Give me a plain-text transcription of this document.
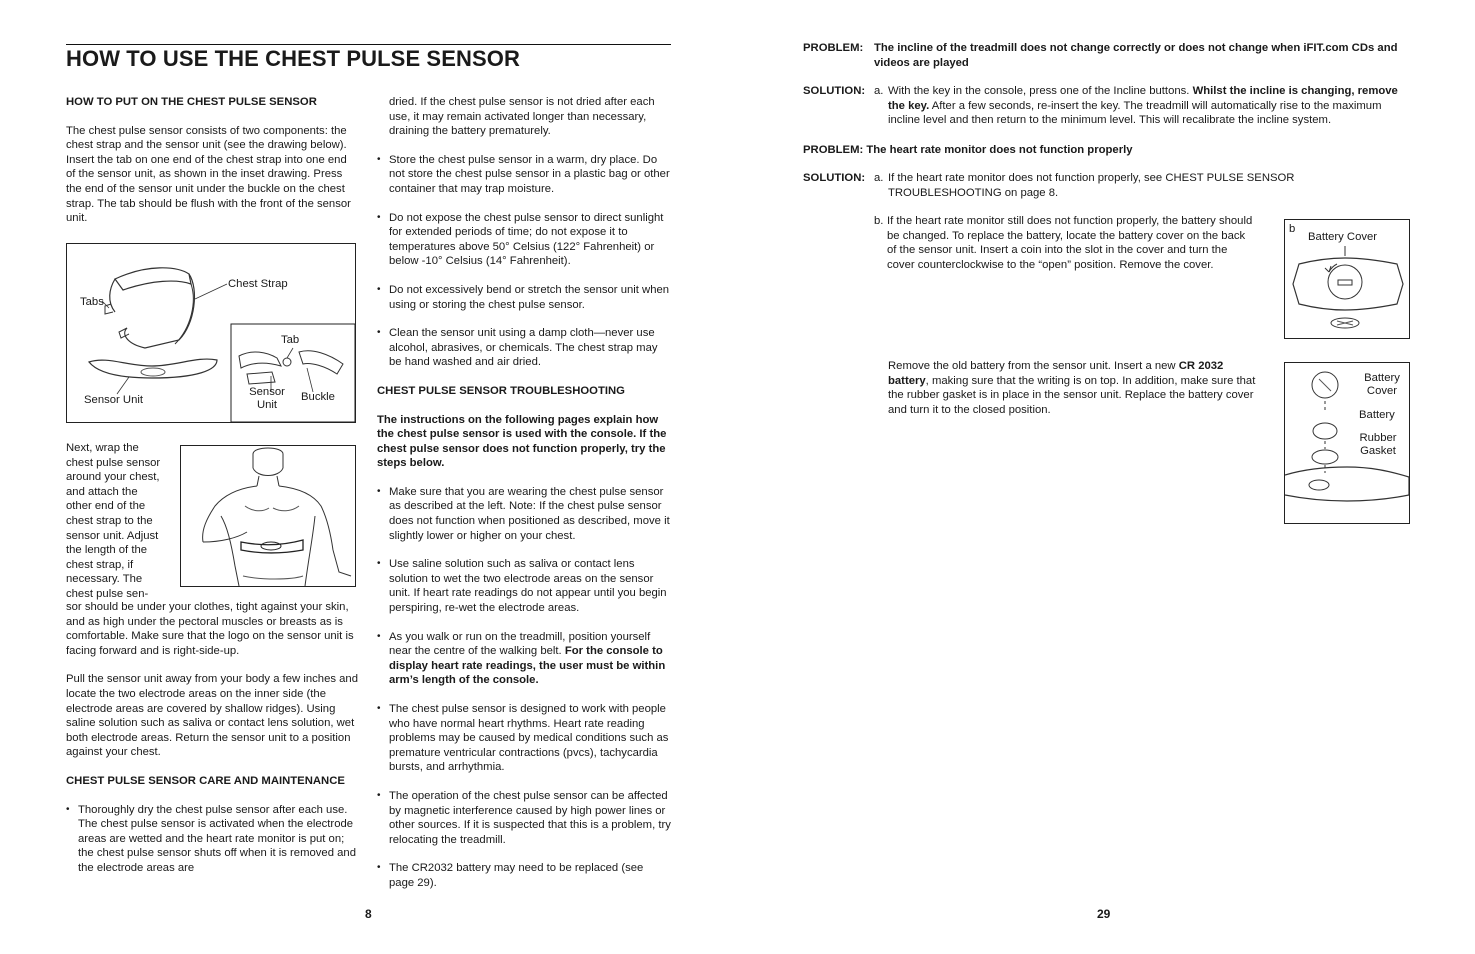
HOW TO USE THE CHEST PULSE SENSOR
HOW TO PUT ON THE CHEST PULSE SENSOR

The chest pulse sensor consists of two components: the chest strap and the sensor unit (see the drawing below). Insert the tab on one end of the chest strap into one end of the sensor unit, as shown in the inset drawing. Press the end of the sensor unit under the buckle on the chest strap. The tab should be flush with the front of the sensor unit.

Chest Strap
Tabs
Sensor Unit
Tab
Sensor Unit
Buckle
Next, wrap the chest pulse sensor around your chest, and attach the other end of the chest strap to the sensor unit. Adjust the length of the chest strap, if necessary. The chest pulse sen-

sor should be under your clothes, tight against your skin, and as high under the pectoral muscles or breasts as is comfortable. Make sure that the logo on the sensor unit is facing forward and is right-side-up.

Pull the sensor unit away from your body a few inches and locate the two electrode areas on the inner side (the electrode areas are covered by shallow ridges). Using saline solution such as saliva or contact lens solution, wet both electrode areas. Return the sensor unit to a position against your chest.

CHEST PULSE SENSOR CARE AND MAINTENANCE
• Thoroughly dry the chest pulse sensor after each use. The chest pulse sensor is activated when the electrode areas are wetted and the heart rate monitor is put on; the chest pulse sensor shuts off when it is removed and the electrode areas are

dried. If the chest pulse sensor is not dried after each use, it may remain activated longer than necessary, draining the battery prematurely.

• Store the chest pulse sensor in a warm, dry place. Do not store the chest pulse sensor in a plastic bag or other container that may trap moisture.
• Do not expose the chest pulse sensor to direct sunlight for extended periods of time; do not expose it to temperatures above 50° Celsius (122° Fahrenheit) or below -10° Celsius (14° Fahrenheit).
• Do not excessively bend or stretch the sensor unit when using or storing the chest pulse sensor.
• Clean the sensor unit using a damp cloth—never use alcohol, abrasives, or chemicals. The chest strap may be hand washed and air dried.
CHEST PULSE SENSOR TROUBLESHOOTING

The instructions on the following pages explain how the chest pulse sensor is used with the console. If the chest pulse sensor does not function properly, try the steps below.

• Make sure that you are wearing the chest pulse sensor as described at the left. Note: If the chest pulse sensor does not function when positioned as described, move it slightly lower or higher on your chest.
• Use saline solution such as saliva or contact lens solution to wet the two electrode areas on the sensor unit. If heart rate readings do not appear until you begin perspiring, re-wet the electrode areas.
• As you walk or run on the treadmill, position yourself near the centre of the walking belt. For the console to display heart rate readings, the user must be within arm’s length of the console.
• The chest pulse sensor is designed to work with people who have normal heart rhythms. Heart rate reading problems may be caused by medical conditions such as premature ventricular contractions (pvcs), tachycardia bursts, and arrhythmia.
• The operation of the chest pulse sensor can be affected by magnetic interference caused by high power lines or other sources. If it is suspected that this is a problem, try relocating the treadmill.
• The CR2032 battery may need to be replaced (see page 29).
8
PROBLEM: The incline of the treadmill does not change correctly or does not change when iFIT.com CDs and videos are played
SOLUTION: a. With the key in the console, press one of the Incline buttons. Whilst the incline is changing, remove the key. After a few seconds, re-insert the key. The treadmill will automatically rise to the maximum incline level and then return to the minimum level. This will recalibrate the incline system.
PROBLEM: The heart rate monitor does not function properly
SOLUTION: a. If the heart rate monitor does not function properly, see CHEST PULSE SENSOR TROUBLESHOOTING on page 8.
b. If the heart rate monitor still does not function properly, the battery should be changed. To replace the battery, locate the battery cover on the back of the sensor unit. Insert a coin into the slot in the cover and turn the cover counterclockwise to the “open” position. Remove the cover.
b
Battery Cover
Remove the old battery from the sensor unit. Insert a new CR 2032 battery, making sure that the writing is on top. In addition, make sure that the rubber gasket is in place in the sensor unit. Replace the battery cover and turn it to the closed position.
Battery Cover
Battery
Rubber Gasket
29
